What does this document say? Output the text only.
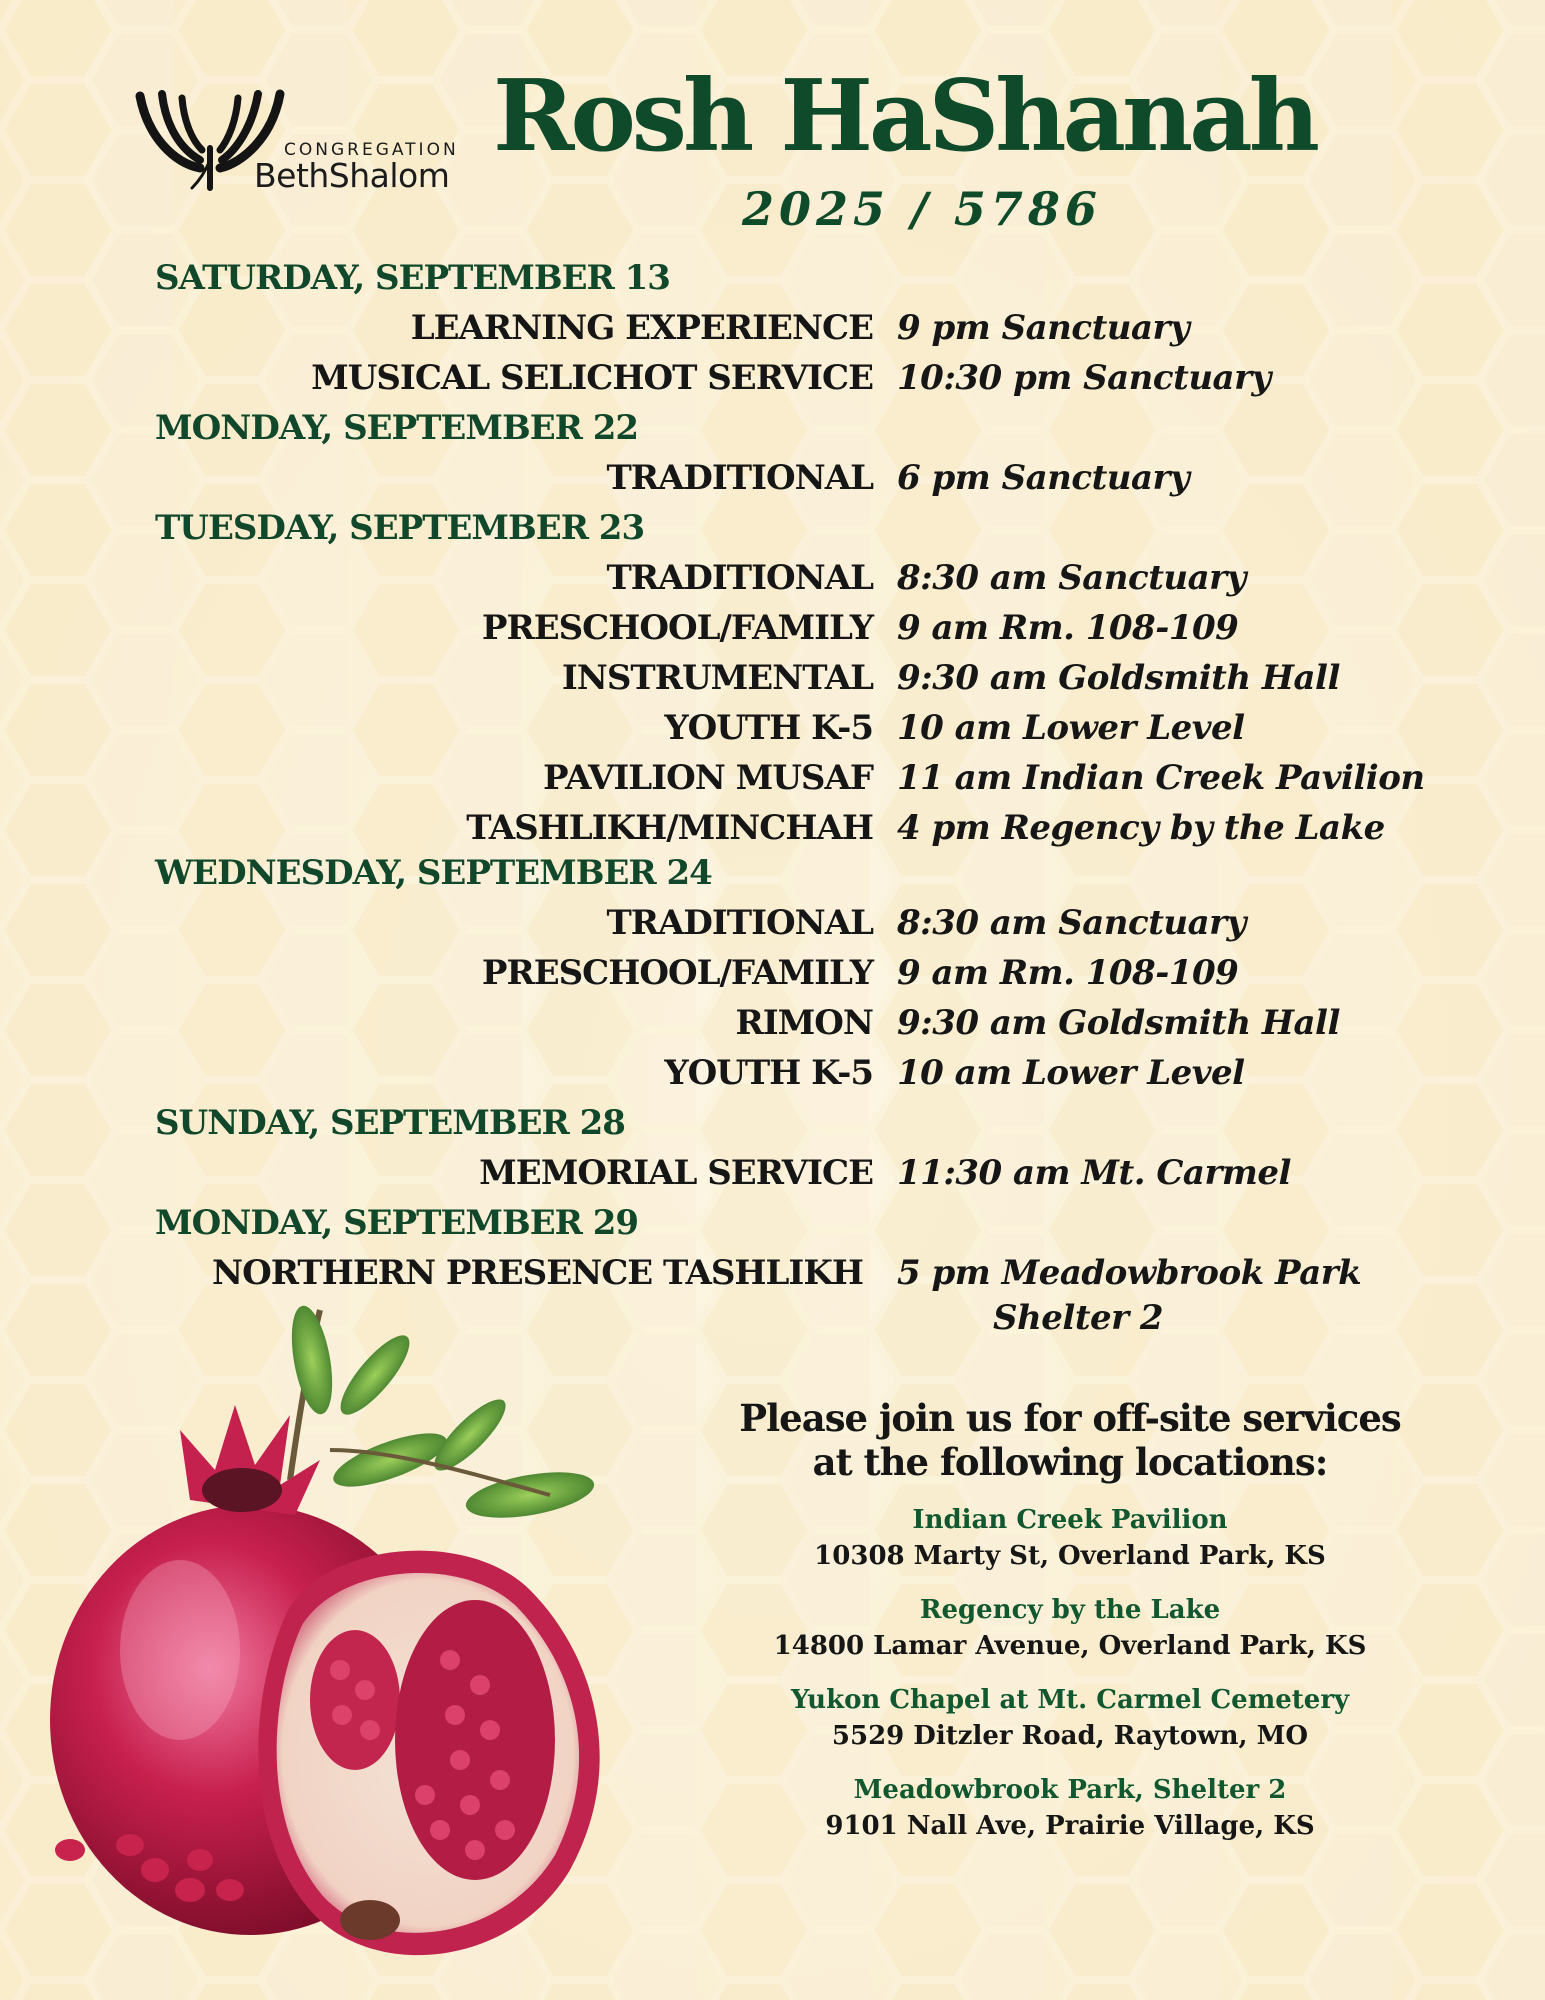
CONGREGATION
BethShalom
Rosh HaShanah
2025 / 5786
SATURDAY, SEPTEMBER 13
LEARNING EXPERIENCE 9 pm Sanctuary
MUSICAL SELICHOT SERVICE 10:30 pm Sanctuary
MONDAY, SEPTEMBER 22
TRADITIONAL 6 pm Sanctuary
TUESDAY, SEPTEMBER 23
TRADITIONAL 8:30 am Sanctuary
PRESCHOOL/FAMILY 9 am Rm. 108-109
INSTRUMENTAL 9:30 am Goldsmith Hall
YOUTH K-5 10 am Lower Level
PAVILION MUSAF 11 am Indian Creek Pavilion
TASHLIKH/MINCHAH 4 pm Regency by the Lake
WEDNESDAY, SEPTEMBER 24
TRADITIONAL 8:30 am Sanctuary
PRESCHOOL/FAMILY 9 am Rm. 108-109
RIMON 9:30 am Goldsmith Hall
YOUTH K-5 10 am Lower Level
SUNDAY, SEPTEMBER 28
MEMORIAL SERVICE 11:30 am Mt. Carmel
MONDAY, SEPTEMBER 29
NORTHERN PRESENCE TASHLIKH 5 pm Meadowbrook Park
Shelter 2
Please join us for off-site services
at the following locations:
Indian Creek Pavilion
10308 Marty St, Overland Park, KS
Regency by the Lake
14800 Lamar Avenue, Overland Park, KS
Yukon Chapel at Mt. Carmel Cemetery
5529 Ditzler Road, Raytown, MO
Meadowbrook Park, Shelter 2
9101 Nall Ave, Prairie Village, KS
